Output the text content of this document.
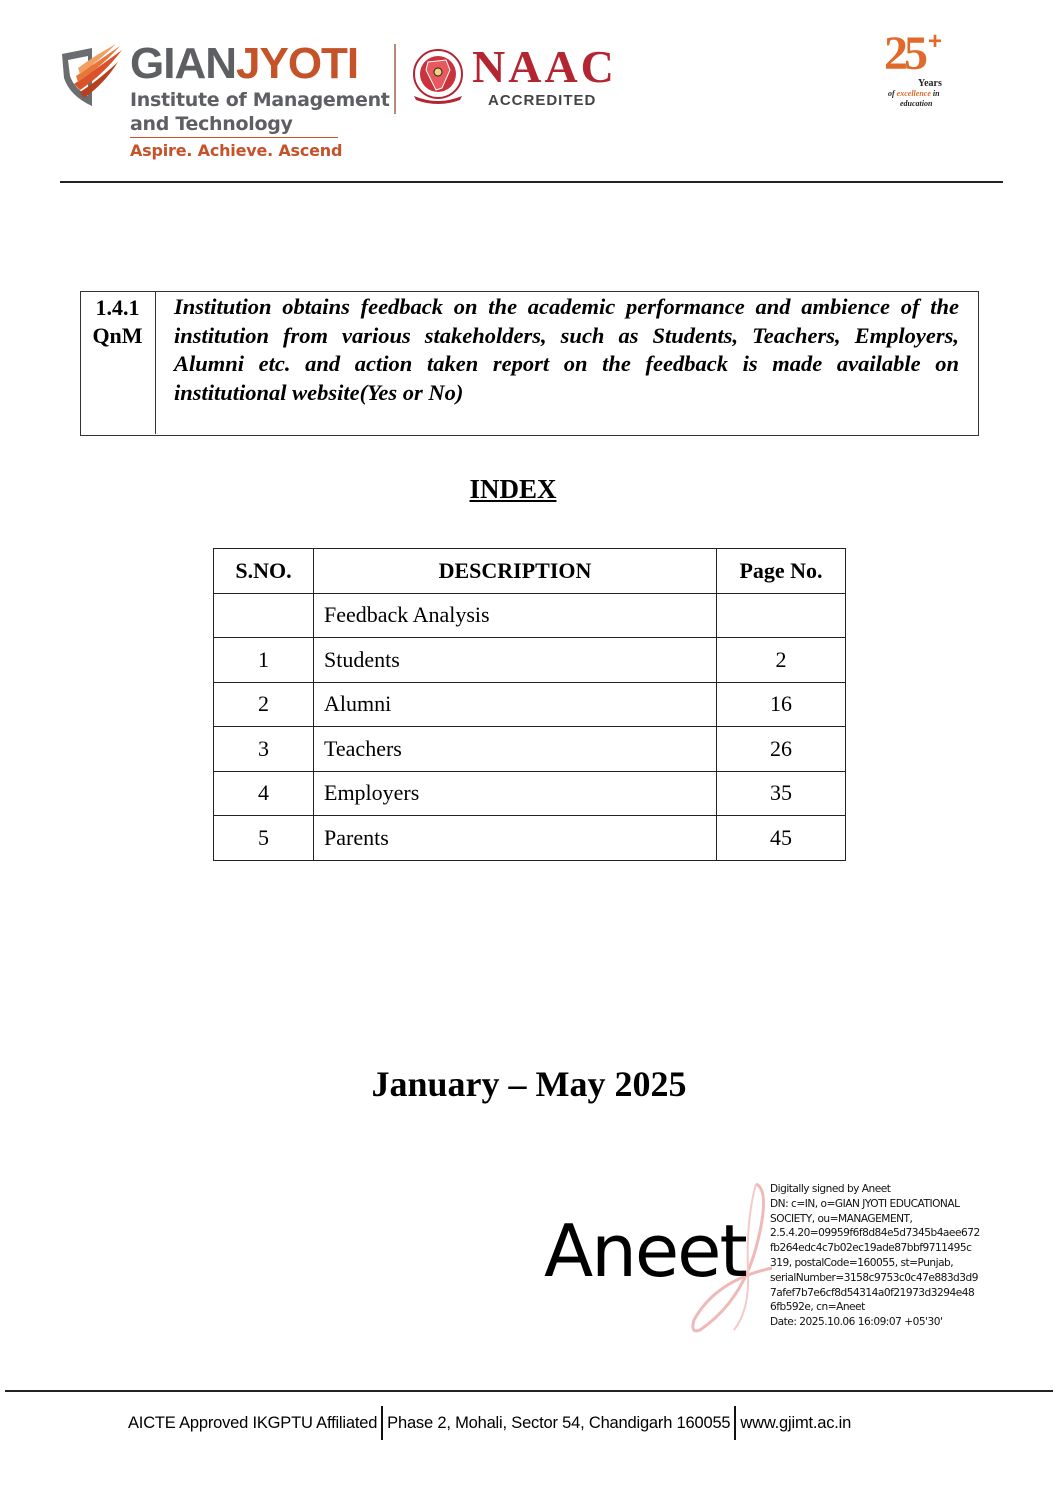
GIANJYOTI
Institute of Management
and Technology
Aspire. Achieve. Ascend
NAAC
ACCREDITED
25 +
Years
of excellence in
education
1.4.1
QnM
Institution obtains feedback on the academic performance and ambience of the institution from various stakeholders, such as Students, Teachers, Employers, Alumni etc. and action taken report on the feedback is made available on institutional website(Yes or No)
INDEX
S.NO.	DESCRIPTION	Page No.
	Feedback Analysis	
1	Students	2
2	Alumni	16
3	Teachers	26
4	Employers	35
5	Parents	45
January – May 2025
Aneet
Digitally signed by Aneet
DN: c=IN, o=GIAN JYOTI EDUCATIONAL
SOCIETY, ou=MANAGEMENT,
2.5.4.20=09959f6f8d84e5d7345b4aee672
fb264edc4c7b02ec19ade87bbf9711495c
319, postalCode=160055, st=Punjab,
serialNumber=3158c9753c0c47e883d3d9
7afef7b7e6cf8d54314a0f21973d3294e48
6fb592e, cn=Aneet
Date: 2025.10.06 16:09:07 +05'30'
AICTE Approved IKGPTU Affiliated Phase 2, Mohali, Sector 54, Chandigarh 160055 www.gjimt.ac.in
